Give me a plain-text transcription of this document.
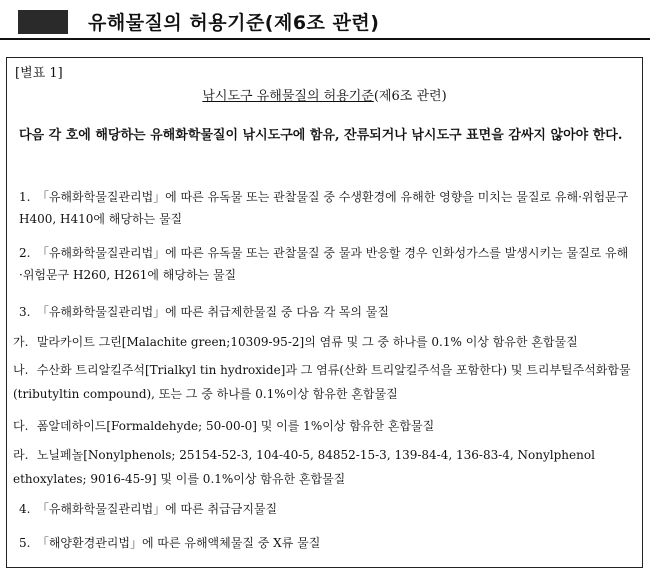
유해물질의 허용기준(제6조 관련)
[별표 1]
낚시도구 유해물질의 허용기준(제6조 관련)
다음 각 호에 해당하는 유해화학물질이 낚시도구에 함유, 잔류되거나 낚시도구 표면을 감싸지 않아야 한다.
1. 「유해화학물질관리법」에 따른 유독물 또는 관찰물질 중 수생환경에 유해한 영향을 미치는 물질로 유해·위험문구 H400, H410에 해당하는 물질
2. 「유해화학물질관리법」에 따른 유독물 또는 관찰물질 중 물과 반응할 경우 인화성가스를 발생시키는 물질로 유해·위험문구 H260, H261에 해당하는 물질
3. 「유해화학물질관리법」에 따른 취급제한물질 중 다음 각 목의 물질
가. 말라카이트 그린[Malachite green;10309-95-2]의 염류 및 그 중 하나를 0.1% 이상 함유한 혼합물질
나. 수산화 트리알킬주석[Trialkyl tin hydroxide]과 그 염류(산화 트리알킬주석을 포함한다) 및 트리부틸주석화합물(tributyltin compound), 또는 그 중 하나를 0.1%이상 함유한 혼합물질
다. 폼알데하이드[Formaldehyde; 50-00-0] 및 이를 1%이상 함유한 혼합물질
라. 노닐페놀[Nonylphenols; 25154-52-3, 104-40-5, 84852-15-3, 139-84-4, 136-83-4, Nonylphenol ethoxylates; 9016-45-9] 및 이를 0.1%이상 함유한 혼합물질
4. 「유해화학물질관리법」에 따른 취급금지물질
5. 「해양환경관리법」에 따른 유해액체물질 중 X류 물질
